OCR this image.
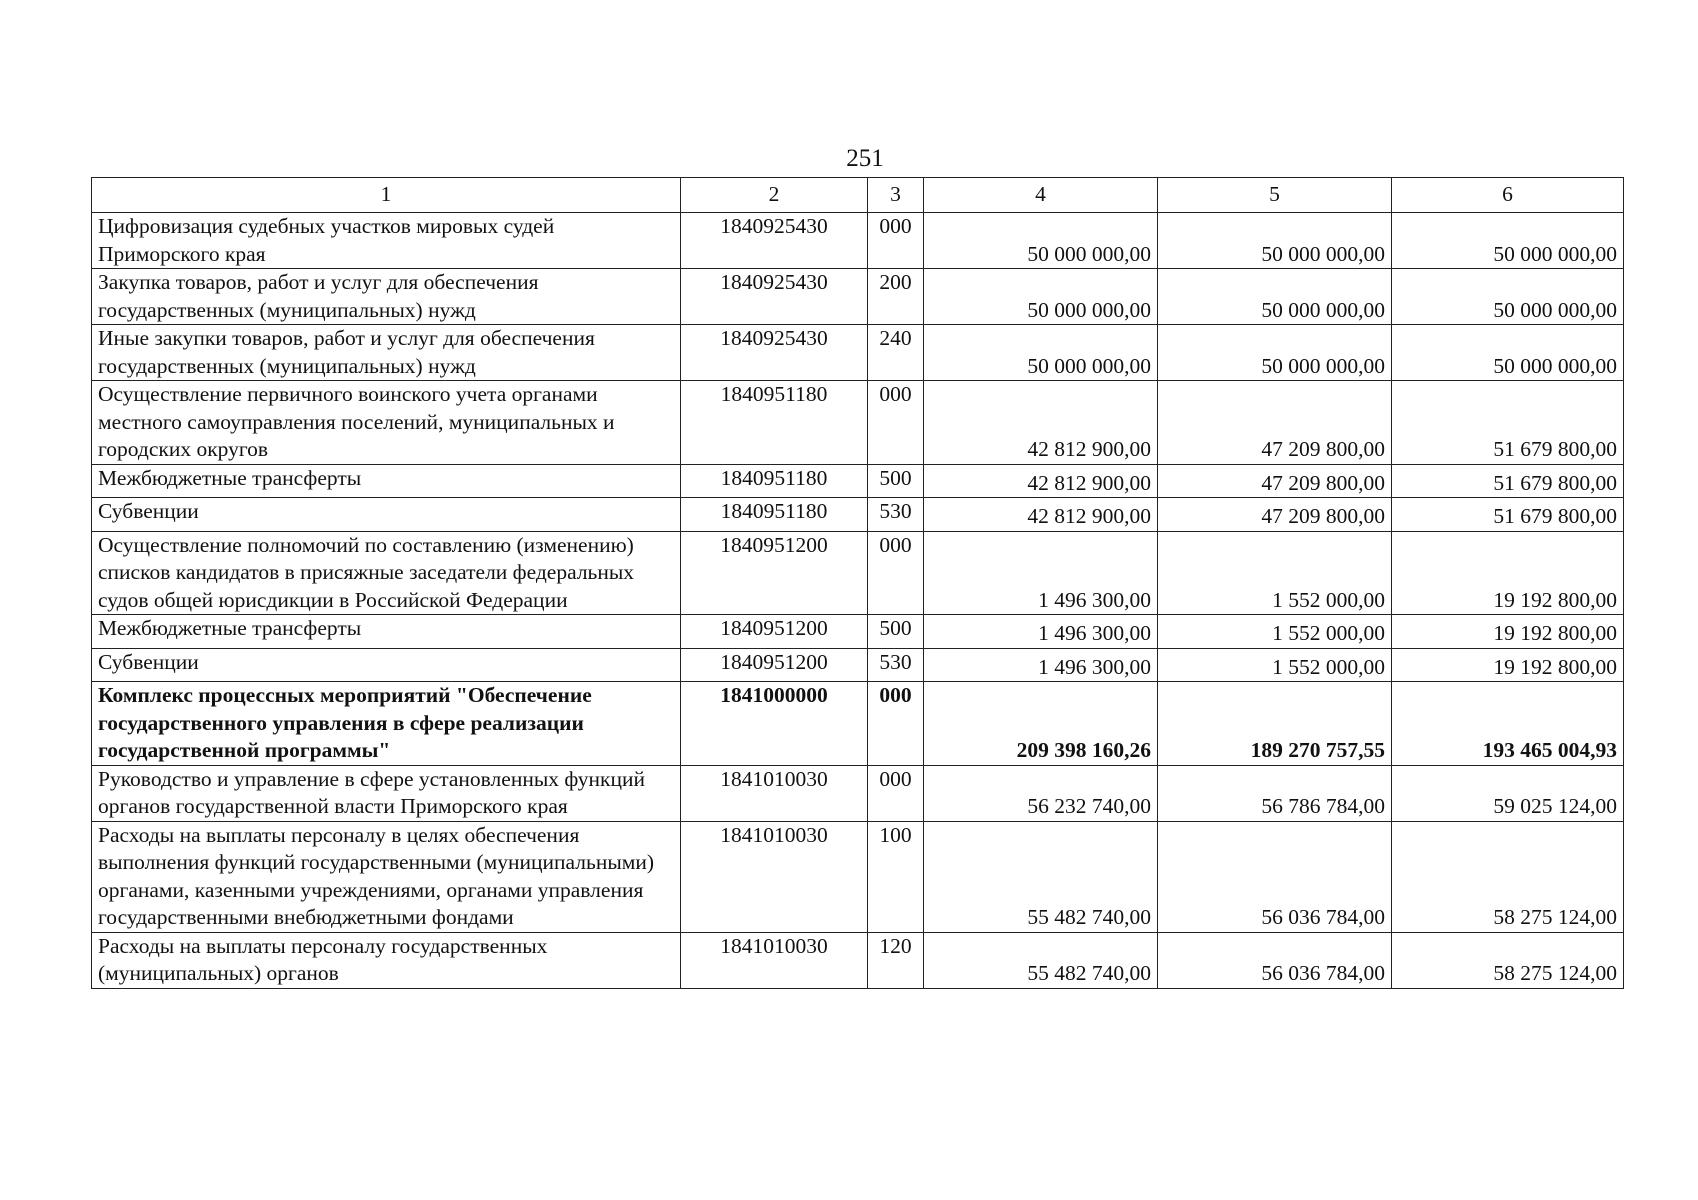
251
1	2	3	4	5	6
Цифровизация судебных участков мировых судей Приморского края	1840925430	000	50 000 000,00	50 000 000,00	50 000 000,00
Закупка товаров, работ и услуг для обеспечения государственных (муниципальных) нужд	1840925430	200	50 000 000,00	50 000 000,00	50 000 000,00
Иные закупки товаров, работ и услуг для обеспечения государственных (муниципальных) нужд	1840925430	240	50 000 000,00	50 000 000,00	50 000 000,00
Осуществление первичного воинского учета органами местного самоуправления поселений, муниципальных и городских округов	1840951180	000	42 812 900,00	47 209 800,00	51 679 800,00
Межбюджетные трансферты	1840951180	500	42 812 900,00	47 209 800,00	51 679 800,00
Субвенции	1840951180	530	42 812 900,00	47 209 800,00	51 679 800,00
Осуществление полномочий по составлению (изменению) списков кандидатов в присяжные заседатели федеральных судов общей юрисдикции в Российской Федерации	1840951200	000	1 496 300,00	1 552 000,00	19 192 800,00
Межбюджетные трансферты	1840951200	500	1 496 300,00	1 552 000,00	19 192 800,00
Субвенции	1840951200	530	1 496 300,00	1 552 000,00	19 192 800,00
Комплекс процессных мероприятий "Обеспечение государственного управления в сфере реализации государственной программы"	1841000000	000	209 398 160,26	189 270 757,55	193 465 004,93
Руководство и управление в сфере установленных функций органов государственной власти Приморского края	1841010030	000	56 232 740,00	56 786 784,00	59 025 124,00
Расходы на выплаты персоналу в целях обеспечения выполнения функций государственными (муниципальными) органами, казенными учреждениями, органами управления государственными внебюджетными фондами	1841010030	100	55 482 740,00	56 036 784,00	58 275 124,00
Расходы на выплаты персоналу государственных (муниципальных) органов	1841010030	120	55 482 740,00	56 036 784,00	58 275 124,00
